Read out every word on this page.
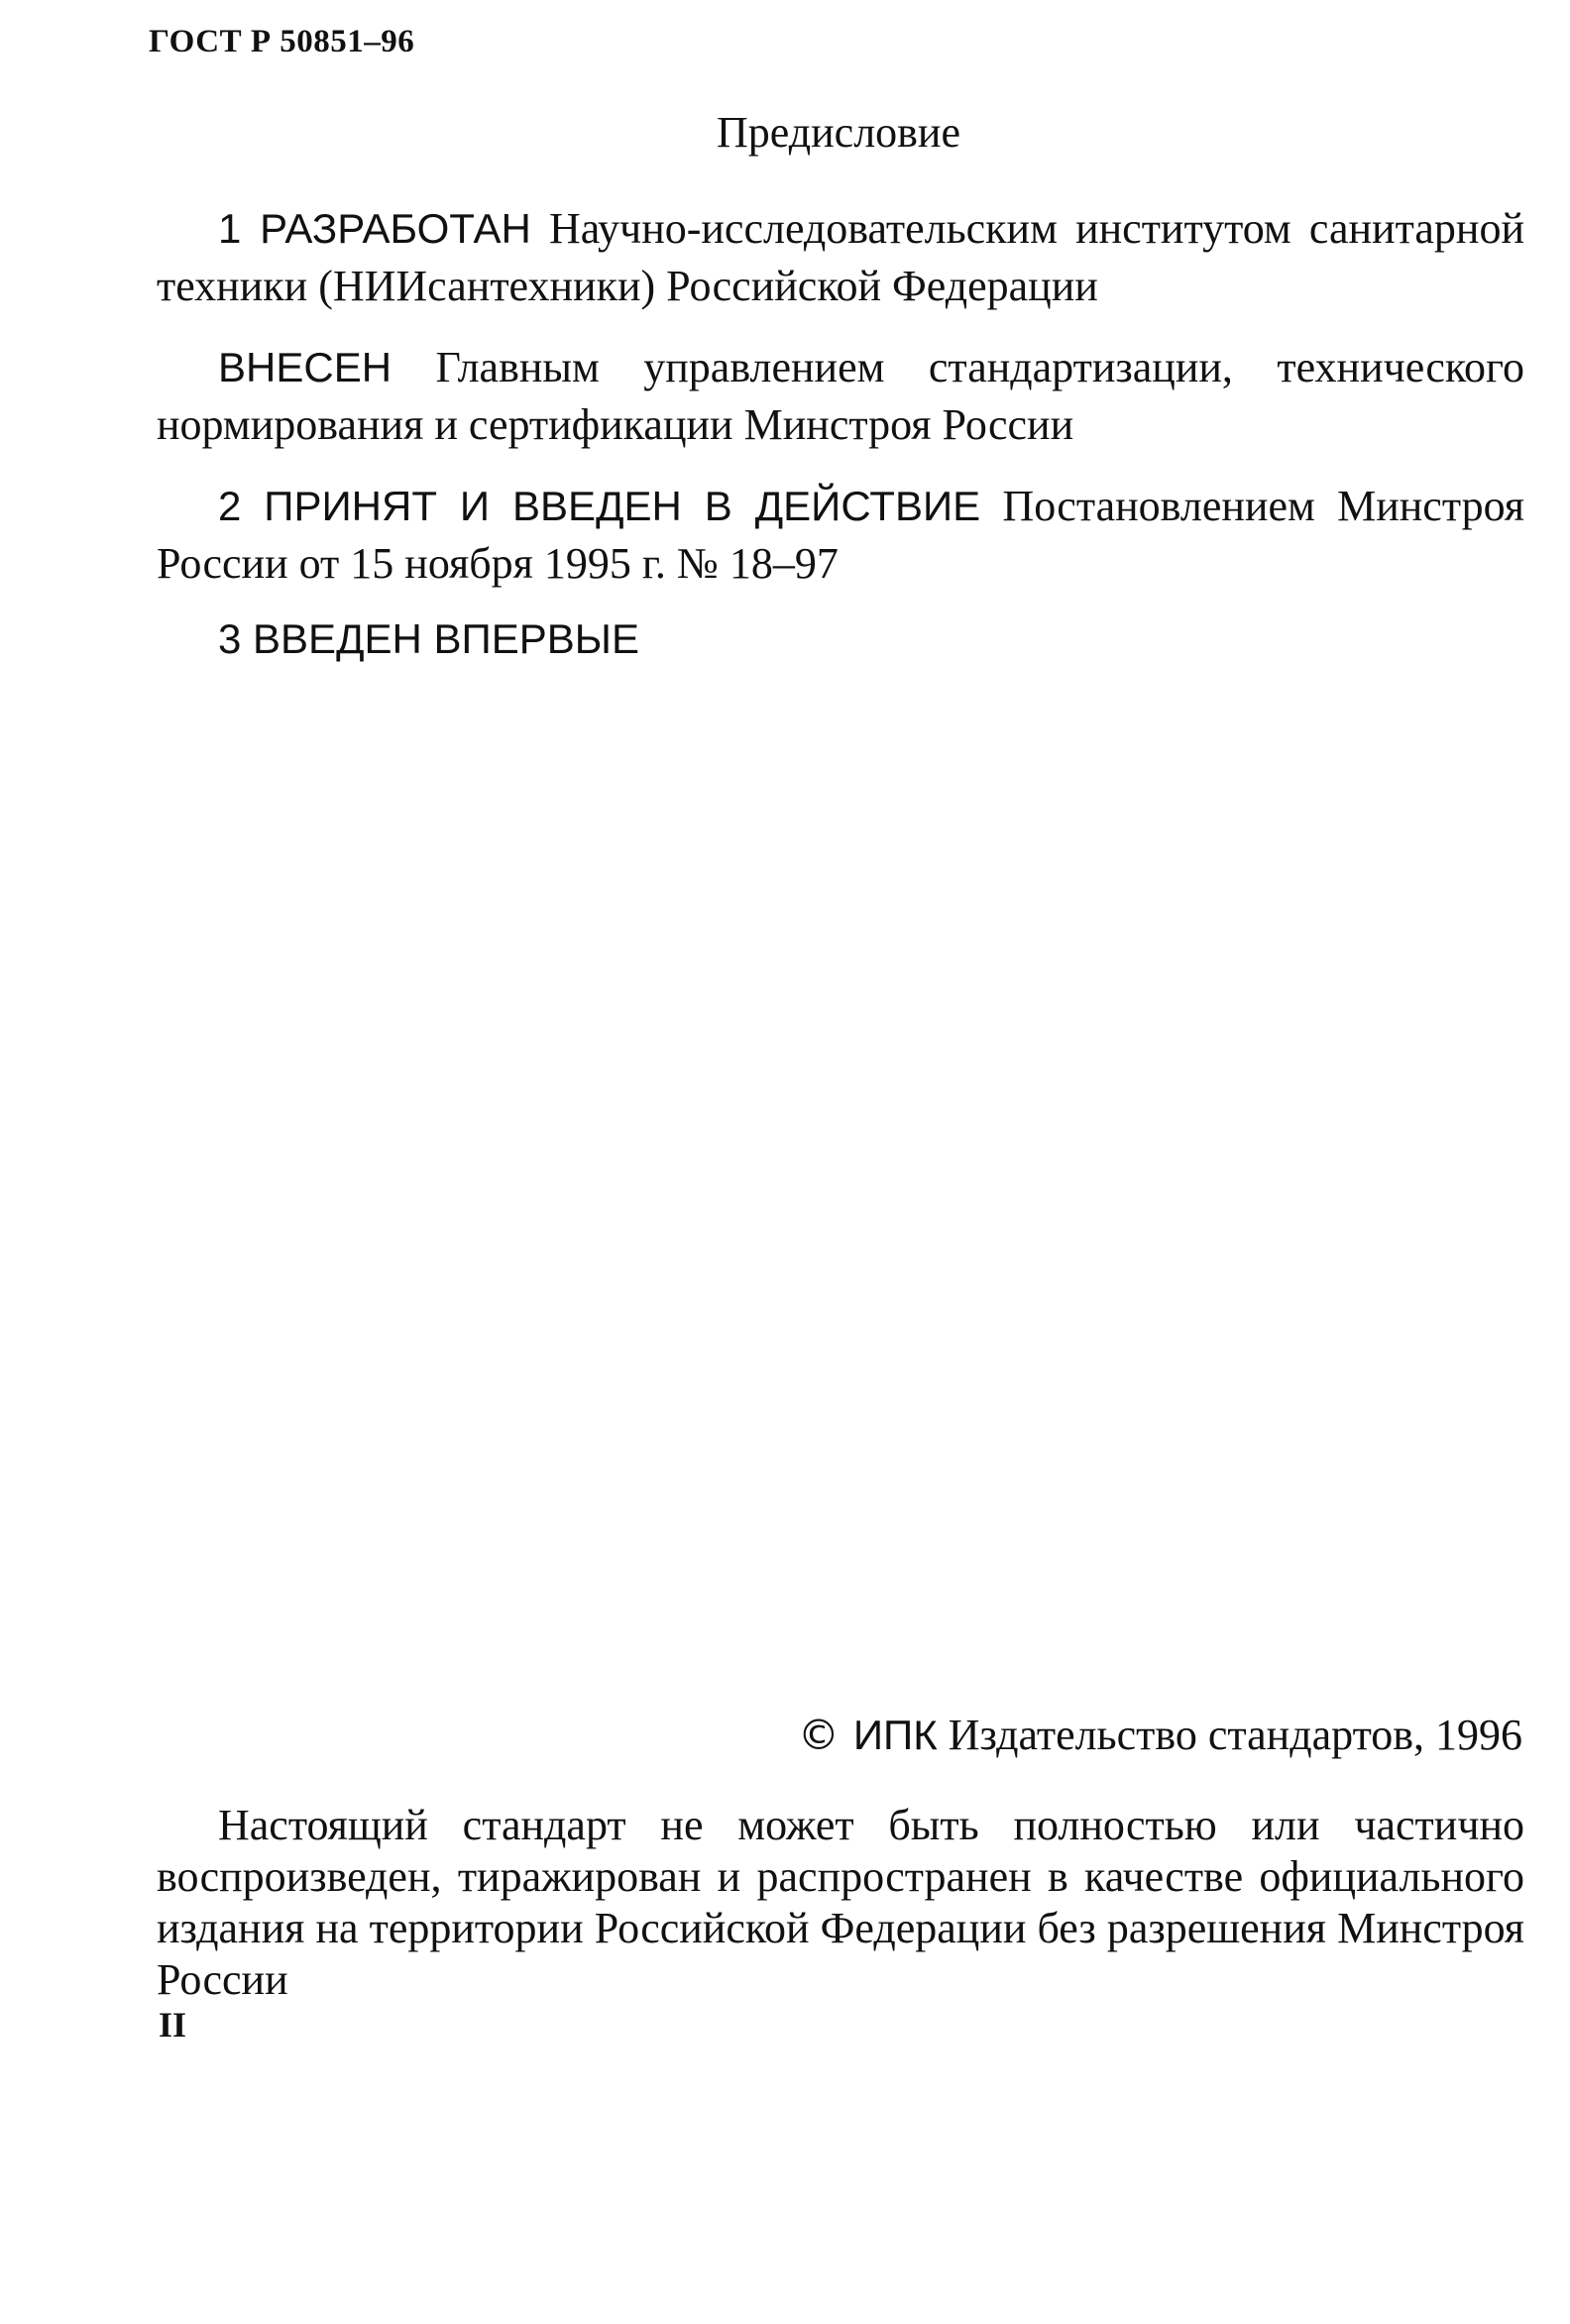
ГОСТ Р 50851–96
Предисловие
1 РАЗРАБОТАН Научно-исследовательским институтом санитарной техники (НИИсантехники) Российской Федерации
ВНЕСЕН Главным управлением стандартизации, технического нормирования и сертификации Минстроя России
2 ПРИНЯТ И ВВЕДЕН В ДЕЙСТВИЕ Постановлением Минстроя России от 15 ноября 1995 г. № 18–97
3 ВВЕДЕН ВПЕРВЫЕ
© ИПК Издательство стандартов, 1996
Настоящий стандарт не может быть полностью или частично воспроизведен, тиражирован и распространен в качестве официального издания на территории Российской Федерации без разрешения Минстроя России
II
